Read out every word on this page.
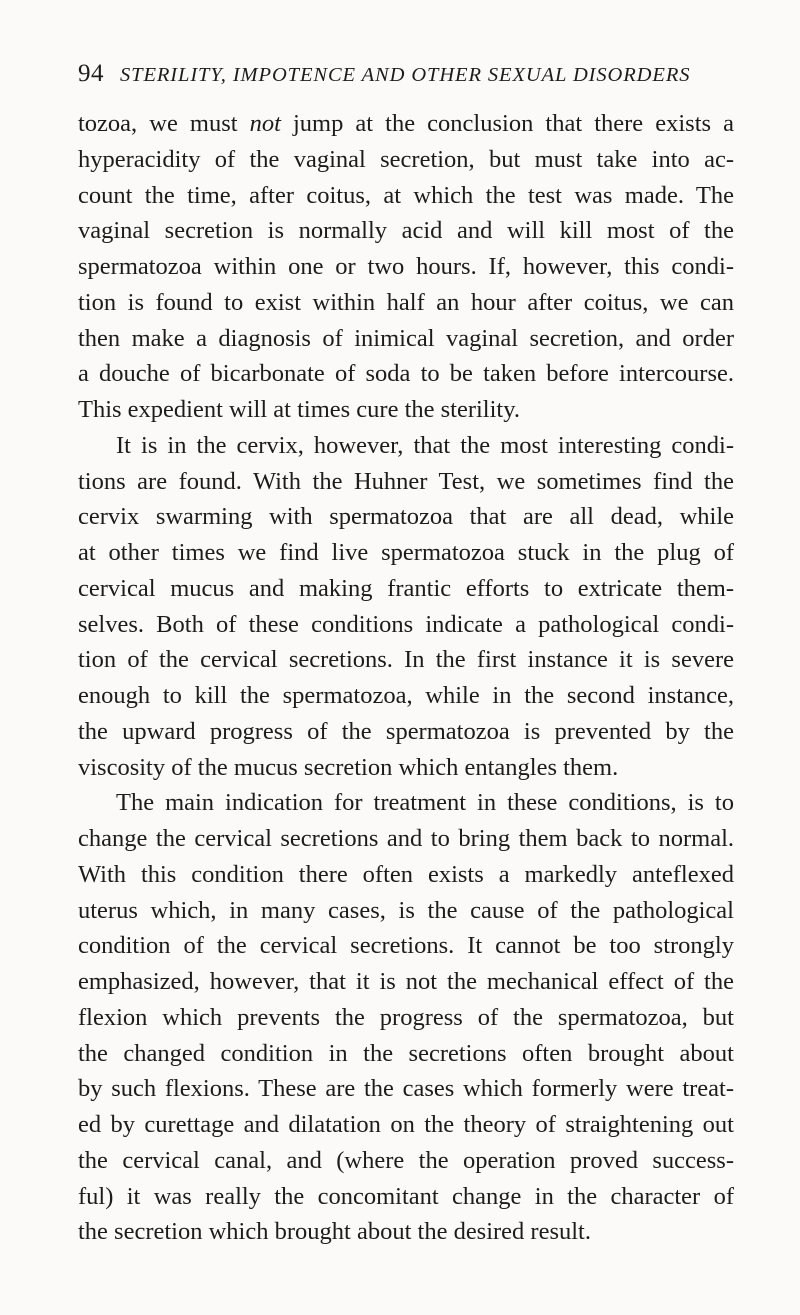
94 STERILITY, IMPOTENCE AND OTHER SEXUAL DISORDERS
tozoa, we must not jump at the conclusion that there exists a
hyperacidity of the vaginal secretion, but must take into ac-
count the time, after coitus, at which the test was made. The
vaginal secretion is normally acid and will kill most of the
spermatozoa within one or two hours. If, however, this condi-
tion is found to exist within half an hour after coitus, we can
then make a diagnosis of inimical vaginal secretion, and order
a douche of bicarbonate of soda to be taken before intercourse.
This expedient will at times cure the sterility.
It is in the cervix, however, that the most interesting condi-
tions are found. With the Huhner Test, we sometimes find the
cervix swarming with spermatozoa that are all dead, while
at other times we find live spermatozoa stuck in the plug of
cervical mucus and making frantic efforts to extricate them-
selves. Both of these conditions indicate a pathological condi-
tion of the cervical secretions. In the first instance it is severe
enough to kill the spermatozoa, while in the second instance,
the upward progress of the spermatozoa is prevented by the
viscosity of the mucus secretion which entangles them.
The main indication for treatment in these conditions, is to
change the cervical secretions and to bring them back to normal.
With this condition there often exists a markedly anteflexed
uterus which, in many cases, is the cause of the pathological
condition of the cervical secretions. It cannot be too strongly
emphasized, however, that it is not the mechanical effect of the
flexion which prevents the progress of the spermatozoa, but
the changed condition in the secretions often brought about
by such flexions. These are the cases which formerly were treat-
ed by curettage and dilatation on the theory of straightening out
the cervical canal, and (where the operation proved success-
ful) it was really the concomitant change in the character of
the secretion which brought about the desired result.
